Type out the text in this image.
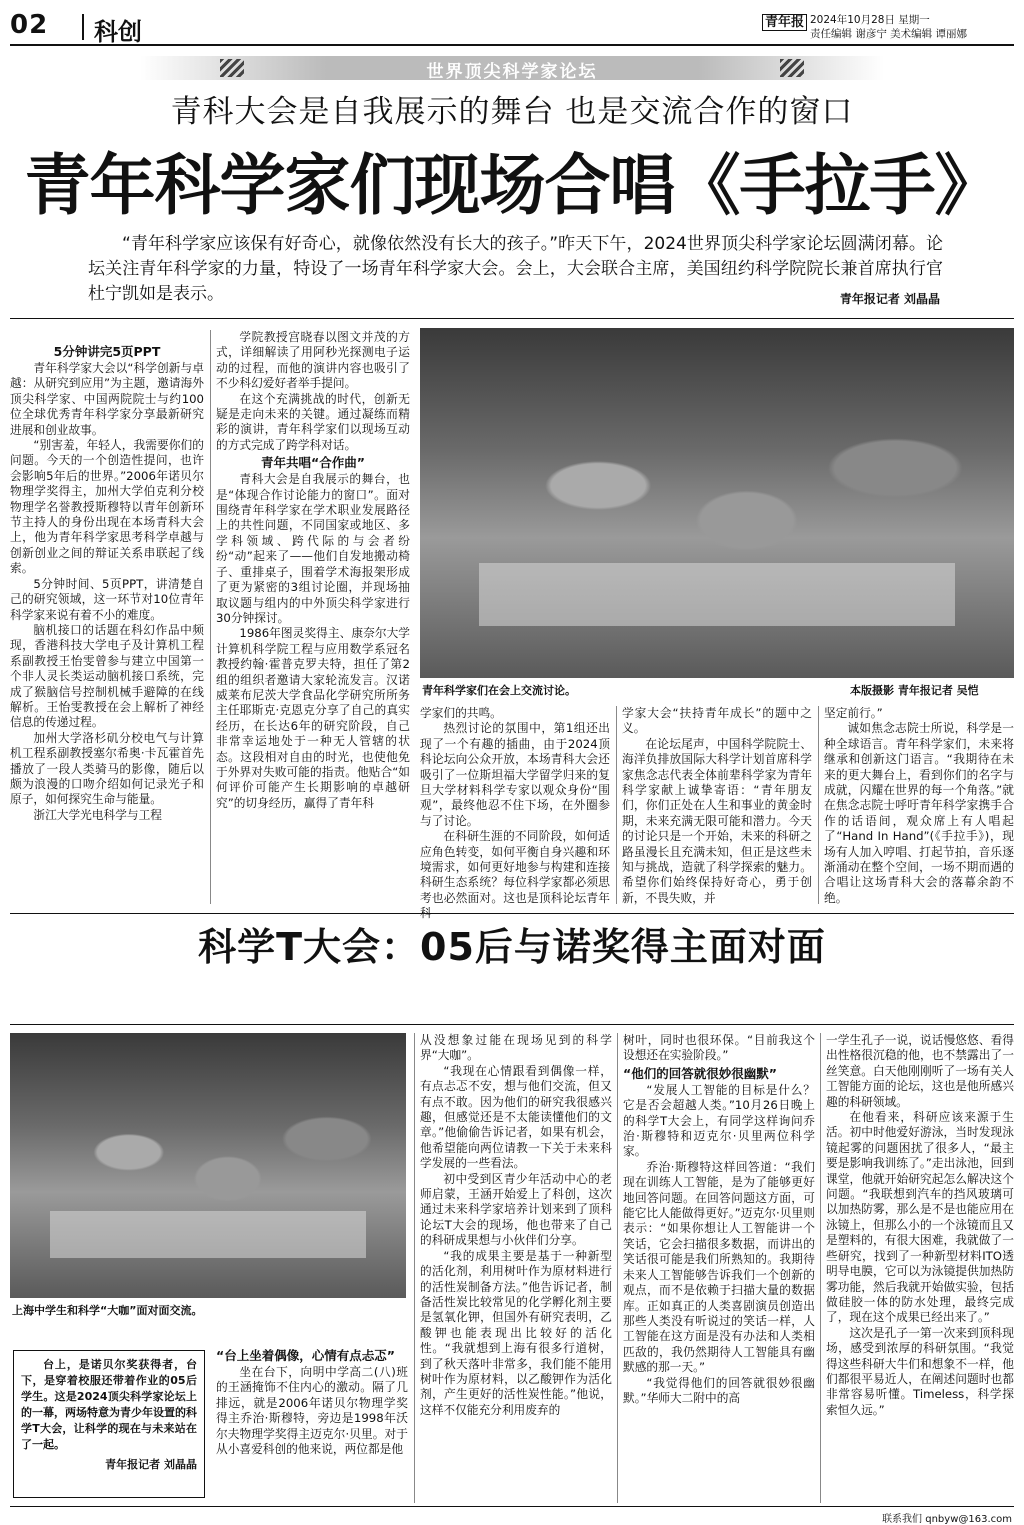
02 科创	青年报 2024年10月28日 星期一
责任编辑 谢彦宁 美术编辑 谭丽娜
世界顶尖科学家论坛
青科大会是自我展示的舞台 也是交流合作的窗口
青年科学家们现场合唱《手拉手》
“青年科学家应该保有好奇心，就像依然没有长大的孩子。”昨天下午，2024世界顶尖科学家论坛圆满闭幕。论坛关注青年科学家的力量，特设了一场青年科学家大会。会上，大会联合主席，美国纽约科学院院长兼首席执行官杜宁凯如是表示。	青年报记者 刘晶晶
5分钟讲完5页PPT

青年科学家大会以“科学创新与卓越：从研究到应用”为主题，邀请海外顶尖科学家、中国两院院士与约100位全球优秀青年科学家分享最新研究进展和创业故事。

“别害羞，年轻人，我需要你们的问题。今天的一个创造性提问，也许会影响5年后的世界。”2006年诺贝尔物理学奖得主，加州大学伯克利分校物理学名誉教授斯穆特以青年创新环节主持人的身份出现在本场青科大会上，他为青年科学家思考科学卓越与创新创业之间的辩证关系串联起了线索。

5分钟时间、5页PPT，讲清楚自己的研究领域，这一环节对10位青年科学家来说有着不小的难度。

脑机接口的话题在科幻作品中频现，香港科技大学电子及计算机工程系副教授王怡雯曾参与建立中国第一个非人灵长类运动脑机接口系统，完成了猴脑信号控制机械手避障的在线解析。王怡雯教授在会上解析了神经信息的传递过程。

加州大学洛杉矶分校电气与计算机工程系副教授塞尔希奥·卡瓦霍首先播放了一段人类骑马的影像，随后以颇为浪漫的口吻介绍如何记录光子和原子，如何探究生命与能量。

浙江大学光电科学与工程

学院教授宫晓春以图文并茂的方式，详细解读了用阿秒光探测电子运动的过程，而他的演讲内容也吸引了不少科幻爱好者举手提问。

在这个充满挑战的时代，创新无疑是走向未来的关键。通过凝练而精彩的演讲，青年科学家们以现场互动的方式完成了跨学科对话。

青年共唱“合作曲”

青科大会是自我展示的舞台，也是“体现合作讨论能力的窗口”。面对围绕青年科学家在学术职业发展路径上的共性问题，不同国家或地区、多学科领域、跨代际的与会者纷纷“动”起来了——他们自发地搬动椅子、重排桌子，围着学术海报架形成了更为紧密的3组讨论圈，并现场抽取议题与组内的中外顶尖科学家进行30分钟探讨。

1986年图灵奖得主、康奈尔大学计算机科学院工程与应用数学系冠名教授约翰·霍普克罗夫特，担任了第2组的组织者邀请大家轮流发言。汉诺威莱布尼茨大学食品化学研究所所务主任耶斯克·克恩克分享了自己的真实经历，在长达6年的研究阶段，自己非常幸运地处于一种无人管辖的状态。这段相对自由的时光，也使他免于外界对失败可能的指责。他贴合“如何评价可能产生长期影响的卓越研究”的切身经历，赢得了青年科

青年科学家们在会上交流讨论。	本版摄影 青年报记者 吴恺

学家们的共鸣。

热烈讨论的氛围中，第1组还出现了一个有趣的插曲，由于2024顶科论坛向公众开放，本场青科大会还吸引了一位斯坦福大学留学归来的复旦大学材料科学专家以观众身份“围观”，最终他忍不住下场，在外圈参与了讨论。

在科研生涯的不同阶段，如何适应角色转变，如何平衡自身兴趣和环境需求，如何更好地参与构建和连接科研生态系统？每位科学家都必须思考也必然面对。这也是顶科论坛青年科

学家大会“扶持青年成长”的题中之义。

在论坛尾声，中国科学院院士、海洋负排放国际大科学计划首席科学家焦念志代表全体前辈科学家为青年科学家献上诚挚寄语：“青年朋友们，你们正处在人生和事业的黄金时期，未来充满无限可能和潜力。今天的讨论只是一个开始，未来的科研之路虽漫长且充满未知，但正是这些未知与挑战，造就了科学探索的魅力。希望你们始终保持好奇心，勇于创新，不畏失败，并

坚定前行。”

诚如焦念志院士所说，科学是一种全球语言。青年科学家们，未来将继承和创新这门语言。“我期待在未来的更大舞台上，看到你们的名字与成就，闪耀在世界的每一个角落。”就在焦念志院士呼吁青年科学家携手合作的话语间，观众席上有人唱起了“Hand In Hand”(《手拉手》)，现场有人加入哼唱、打起节拍，音乐逐渐涌动在整个空间，一场不期而遇的合唱让这场青科大会的落幕余韵不绝。

科学T大会：05后与诺奖得主面对面
上海中学生和科学“大咖”面对面交流。

台上，是诺贝尔奖获得者，台下，是穿着校服还带着作业的05后学生。这是2024顶尖科学家论坛上的一幕，两场特意为青少年设置的科学T大会，让科学的现在与未来站在了一起。

青年报记者 刘晶晶

“台上坐着偶像，心情有点忐忑”

坐在台下，向明中学高二(八)班的王涵掩饰不住内心的激动。隔了几排远，就是2006年诺贝尔物理学奖得主乔治·斯穆特，旁边是1998年沃尔夫物理学奖得主迈克尔·贝里。对于从小喜爱科创的他来说，两位都是他

从没想象过能在现场见到的科学界“大咖”。

“我现在心情跟看到偶像一样，有点忐忑不安，想与他们交流，但又有点不敢。因为他们的研究我很感兴趣，但感觉还是不太能读懂他们的文章。”他偷偷告诉记者，如果有机会，他希望能向两位请教一下关于未来科学发展的一些看法。

初中受到区青少年活动中心的老师启蒙，王涵开始爱上了科创，这次通过未来科学家培养计划来到了顶科论坛T大会的现场，他也带来了自己的科研成果想与小伙伴们分享。

“我的成果主要是基于一种新型的活化剂，利用树叶作为原材料进行的活性炭制备方法。”他告诉记者，制备活性炭比较常见的化学孵化剂主要是氢氧化钾，但国外有研究表明，乙酸钾也能表现出比较好的活化性。“我就想到上海有很多行道树，到了秋天落叶非常多，我们能不能用树叶作为原材料，以乙酸钾作为活化剂，产生更好的活性炭性能。”他说，这样不仅能充分利用废弃的

树叶，同时也很环保。“目前我这个设想还在实验阶段。”

“他们的回答就很妙很幽默”

“发展人工智能的目标是什么？它是否会超越人类。”10月26日晚上的科学T大会上，有同学这样询问乔治·斯穆特和迈克尔·贝里两位科学家。

乔治·斯穆特这样回答道：“我们现在训练人工智能，是为了能够更好地回答问题。在回答问题这方面，可能它比人能做得更好。”迈克尔·贝里则表示：“如果你想让人工智能讲一个笑话，它会扫描很多数据，而讲出的笑话很可能是我们所熟知的。我期待未来人工智能够告诉我们一个创新的观点，而不是依赖于扫描大量的数据库。正如真正的人类喜剧演员创造出那些人类没有听说过的笑话一样，人工智能在这方面是没有办法和人类相匹敌的，我仍然期待人工智能具有幽默感的那一天。”

“我觉得他们的回答就很妙很幽默。”华师大二附中的高

一学生孔子一说，说话慢悠悠、看得出性格很沉稳的他，也不禁露出了一丝笑意。白天他刚刚听了一场有关人工智能方面的论坛，这也是他所感兴趣的科研领域。

在他看来，科研应该来源于生活。初中时他爱好游泳，当时发现泳镜起雾的问题困扰了很多人，“最主要是影响我训练了。”走出泳池，回到课堂，他就开始研究起怎么解决这个问题。“我联想到汽车的挡风玻璃可以加热防雾，那么是不是也能应用在泳镜上，但那么小的一个泳镜而且又是塑料的，有很大困难，我就做了一些研究，找到了一种新型材料ITO透明导电膜，它可以为泳镜提供加热防雾功能，然后我就开始做实验，包括做硅胶一体的防水处理，最终完成了，现在这个成果已经出来了。”

这次是孔子一第一次来到顶科现场，感受到浓厚的科研氛围。“我觉得这些科研大牛们和想象不一样，他们都很平易近人，在阐述问题时也都非常容易听懂。Timeless，科学探索恒久远。”

联系我们 qnbyw@163.com
